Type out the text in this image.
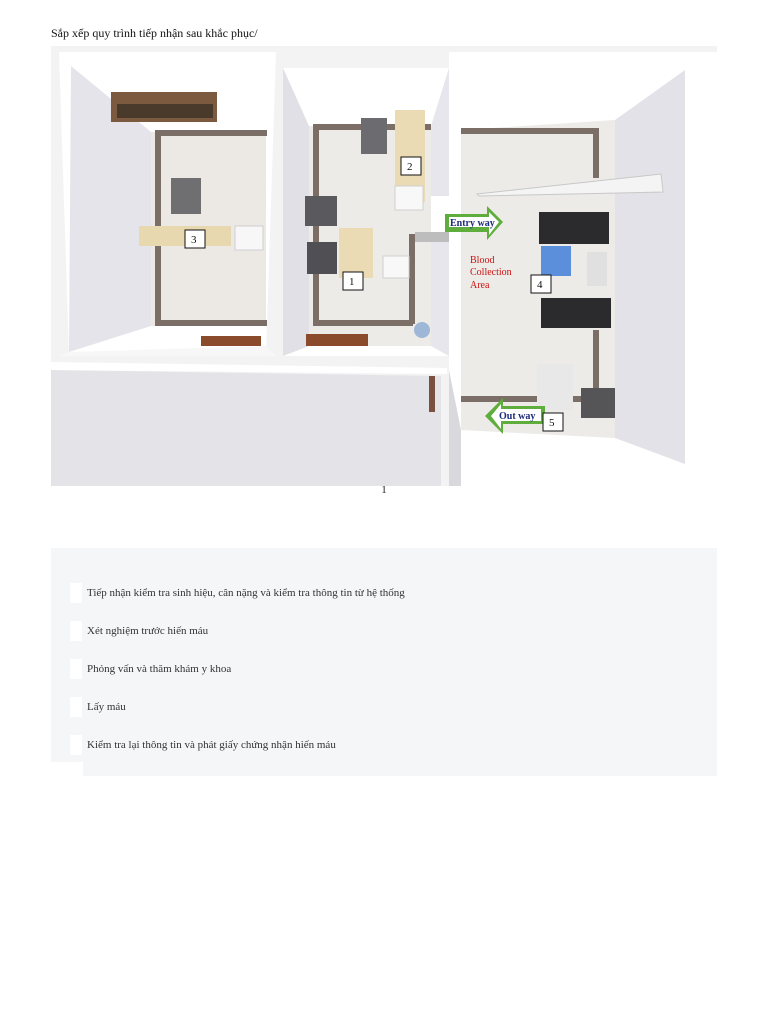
Sắp xếp quy trình tiếp nhận sau khắc phục/
Entry way
Out way
Blood
Collection
Area
1
2
3
4
5
1
Tiếp nhận kiểm tra sinh hiệu, cân nặng và kiểm tra thông tin từ hệ thống
Xét nghiệm trước hiến máu
Phỏng vấn và thăm khám y khoa
Lấy máu
Kiểm tra lại thông tin và phát giấy chứng nhận hiến máu
